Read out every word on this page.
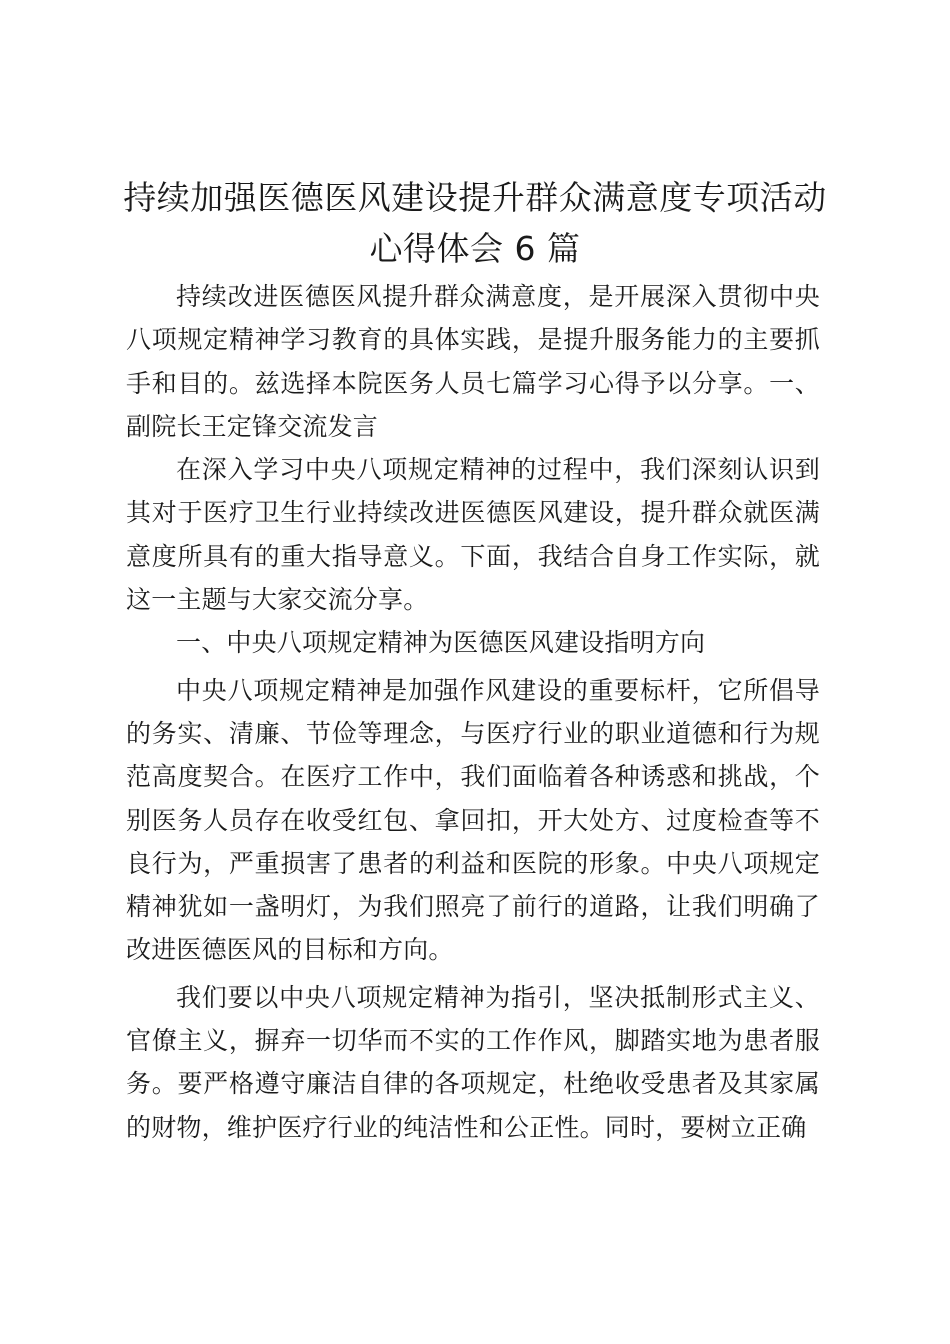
持续加强医德医风建设提升群众满意度专项活动心得体会 6 篇

持续改进医德医风提升群众满意度，是开展深入贯彻中央八项规定精神学习教育的具体实践，是提升服务能力的主要抓手和目的。兹选择本院医务人员七篇学习心得予以分享。一、副院长王定锋交流发言

在深入学习中央八项规定精神的过程中，我们深刻认识到其对于医疗卫生行业持续改进医德医风建设，提升群众就医满意度所具有的重大指导意义。下面，我结合自身工作实际，就这一主题与大家交流分享。

一、中央八项规定精神为医德医风建设指明方向

中央八项规定精神是加强作风建设的重要标杆，它所倡导的务实、清廉、节俭等理念，与医疗行业的职业道德和行为规范高度契合。在医疗工作中，我们面临着各种诱惑和挑战，个别医务人员存在收受红包、拿回扣，开大处方、过度检查等不良行为，严重损害了患者的利益和医院的形象。中央八项规定精神犹如一盏明灯，为我们照亮了前行的道路，让我们明确了改进医德医风的目标和方向。

我们要以中央八项规定精神为指引，坚决抵制形式主义、官僚主义，摒弃一切华而不实的工作作风，脚踏实地为患者服务。要严格遵守廉洁自律的各项规定，杜绝收受患者及其家属的财物，维护医疗行业的纯洁性和公正性。同时，要树立正确
